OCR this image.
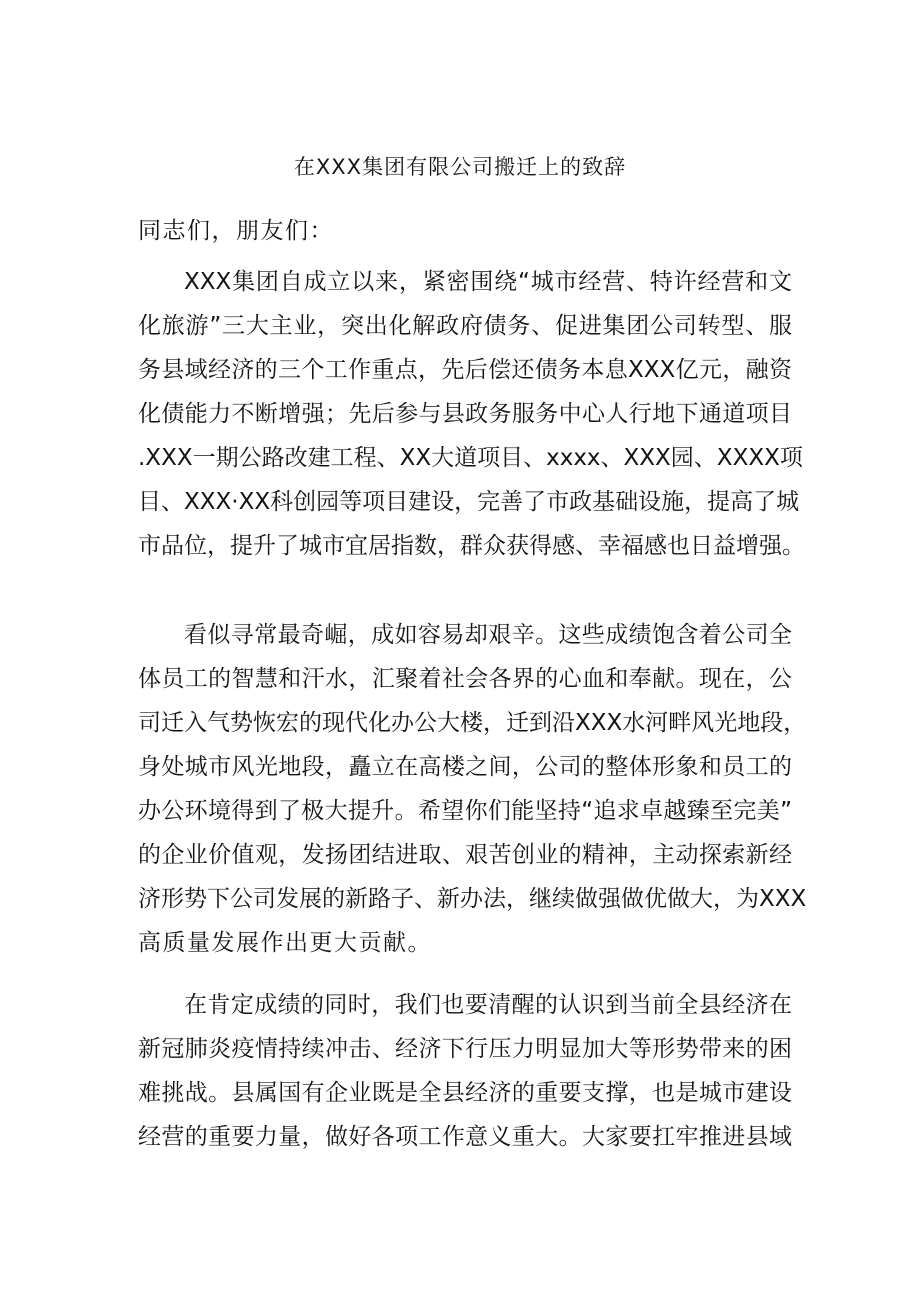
在XXX集团有限公司搬迁上的致辞
同志们，朋友们：
XXX集团自成立以来，紧密围绕“城市经营、特许经营和文
化旅游”三大主业，突出化解政府债务、促进集团公司转型、服
务县域经济的三个工作重点，先后偿还债务本息XXX亿元，融资
化债能力不断增强；先后参与县政务服务中心人行地下通道项目
.XXX一期公路改建工程、XX大道项目、xxxx、XXX园、XXXX项
目、XXX·XX科创园等项目建设，完善了市政基础设施，提高了城
市品位，提升了城市宜居指数，群众获得感、幸福感也日益增强。
看似寻常最奇崛，成如容易却艰辛。这些成绩饱含着公司全
体员工的智慧和汗水，汇聚着社会各界的心血和奉献。现在，公
司迁入气势恢宏的现代化办公大楼，迁到沿XXX水河畔风光地段，
身处城市风光地段，矗立在高楼之间，公司的整体形象和员工的
办公环境得到了极大提升。希望你们能坚持“追求卓越臻至完美”
的企业价值观，发扬团结进取、艰苦创业的精神，主动探索新经
济形势下公司发展的新路子、新办法，继续做强做优做大，为XXX
高质量发展作出更大贡献。
在肯定成绩的同时，我们也要清醒的认识到当前全县经济在
新冠肺炎疫情持续冲击、经济下行压力明显加大等形势带来的困
难挑战。县属国有企业既是全县经济的重要支撑，也是城市建设
经营的重要力量，做好各项工作意义重大。大家要扛牢推进县域
